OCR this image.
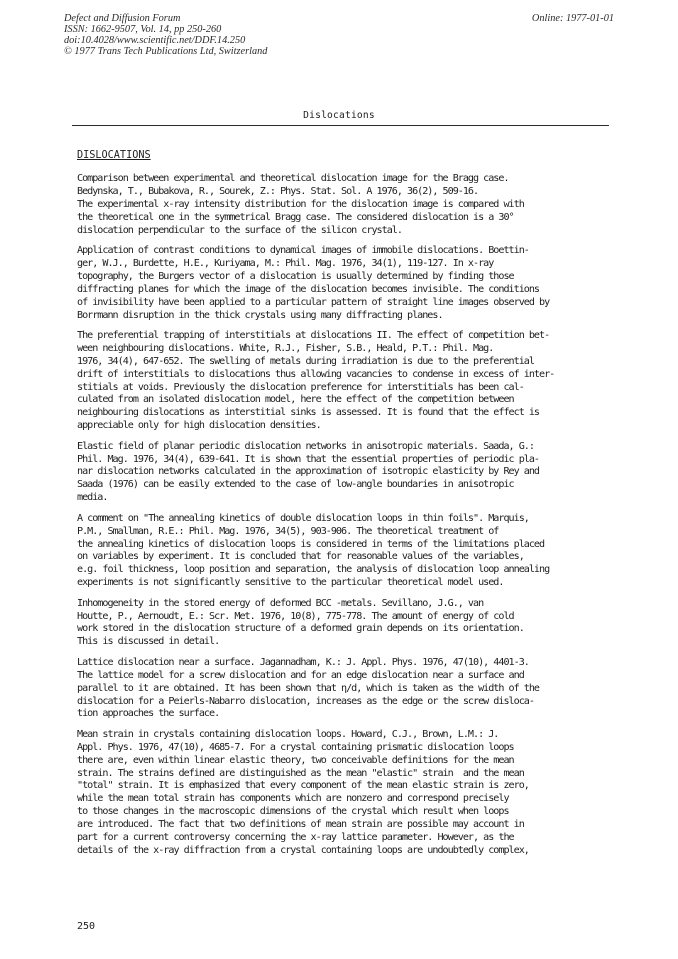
Defect and Diffusion Forum
ISSN: 1662-9507, Vol. 14, pp 250-260
doi:10.4028/www.scientific.net/DDF.14.250
© 1977 Trans Tech Publications Ltd, Switzerland
Online: 1977-01-01
Dislocations
DISLOCATIONS
Comparison between experimental and theoretical dislocation image for the Bragg case.
Bedynska, T., Bubakova, R., Sourek, Z.: Phys. Stat. Sol. A 1976, 36(2), 509-16.
The experimental x-ray intensity distribution for the dislocation image is compared with
the theoretical one in the symmetrical Bragg case. The considered dislocation is a 30°
dislocation perpendicular to the surface of the silicon crystal.
Application of contrast conditions to dynamical images of immobile dislocations. Boettin-
ger, W.J., Burdette, H.E., Kuriyama, M.: Phil. Mag. 1976, 34(1), 119-127. In x-ray
topography, the Burgers vector of a dislocation is usually determined by finding those
diffracting planes for which the image of the dislocation becomes invisible. The conditions
of invisibility have been applied to a particular pattern of straight line images observed by
Borrmann disruption in the thick crystals using many diffracting planes.
The preferential trapping of interstitials at dislocations II. The effect of competition bet-
ween neighbouring dislocations. White, R.J., Fisher, S.B., Heald, P.T.: Phil. Mag.
1976, 34(4), 647-652. The swelling of metals during irradiation is due to the preferential
drift of interstitials to dislocations thus allowing vacancies to condense in excess of inter-
stitials at voids. Previously the dislocation preference for interstitials has been cal-
culated from an isolated dislocation model, here the effect of the competition between
neighbouring dislocations as interstitial sinks is assessed. It is found that the effect is
appreciable only for high dislocation densities.
Elastic field of planar periodic dislocation networks in anisotropic materials. Saada, G.:
Phil. Mag. 1976, 34(4), 639-641. It is shown that the essential properties of periodic pla-
nar dislocation networks calculated in the approximation of isotropic elasticity by Rey and
Saada (1976) can be easily extended to the case of low-angle boundaries in anisotropic
media.
A comment on "The annealing kinetics of double dislocation loops in thin foils". Marquis,
P.M., Smallman, R.E.: Phil. Mag. 1976, 34(5), 903-906. The theoretical treatment of
the annealing kinetics of dislocation loops is considered in terms of the limitations placed
on variables by experiment. It is concluded that for reasonable values of the variables,
e.g. foil thickness, loop position and separation, the analysis of dislocation loop annealing
experiments is not significantly sensitive to the particular theoretical model used.
Inhomogeneity in the stored energy of deformed BCC -metals. Sevillano, J.G., van
Houtte, P., Aernoudt, E.: Scr. Met. 1976, 10(8), 775-778. The amount of energy of cold
work stored in the dislocation structure of a deformed grain depends on its orientation.
This is discussed in detail.
Lattice dislocation near a surface. Jagannadham, K.: J. Appl. Phys. 1976, 47(10), 4401-3.
The lattice model for a screw dislocation and for an edge dislocation near a surface and
parallel to it are obtained. It has been shown that η/d, which is taken as the width of the
dislocation for a Peierls-Nabarro dislocation, increases as the edge or the screw disloca-
tion approaches the surface.
Mean strain in crystals containing dislocation loops. Howard, C.J., Brown, L.M.: J.
Appl. Phys. 1976, 47(10), 4685-7. For a crystal containing prismatic dislocation loops
there are, even within linear elastic theory, two conceivable definitions for the mean
strain. The strains defined are distinguished as the mean "elastic" strain  and the mean
"total" strain. It is emphasized that every component of the mean elastic strain is zero,
while the mean total strain has components which are nonzero and correspond precisely
to those changes in the macroscopic dimensions of the crystal which result when loops
are introduced. The fact that two definitions of mean strain are possible may account in
part for a current controversy concerning the x-ray lattice parameter. However, as the
details of the x-ray diffraction from a crystal containing loops are undoubtedly complex,
250
